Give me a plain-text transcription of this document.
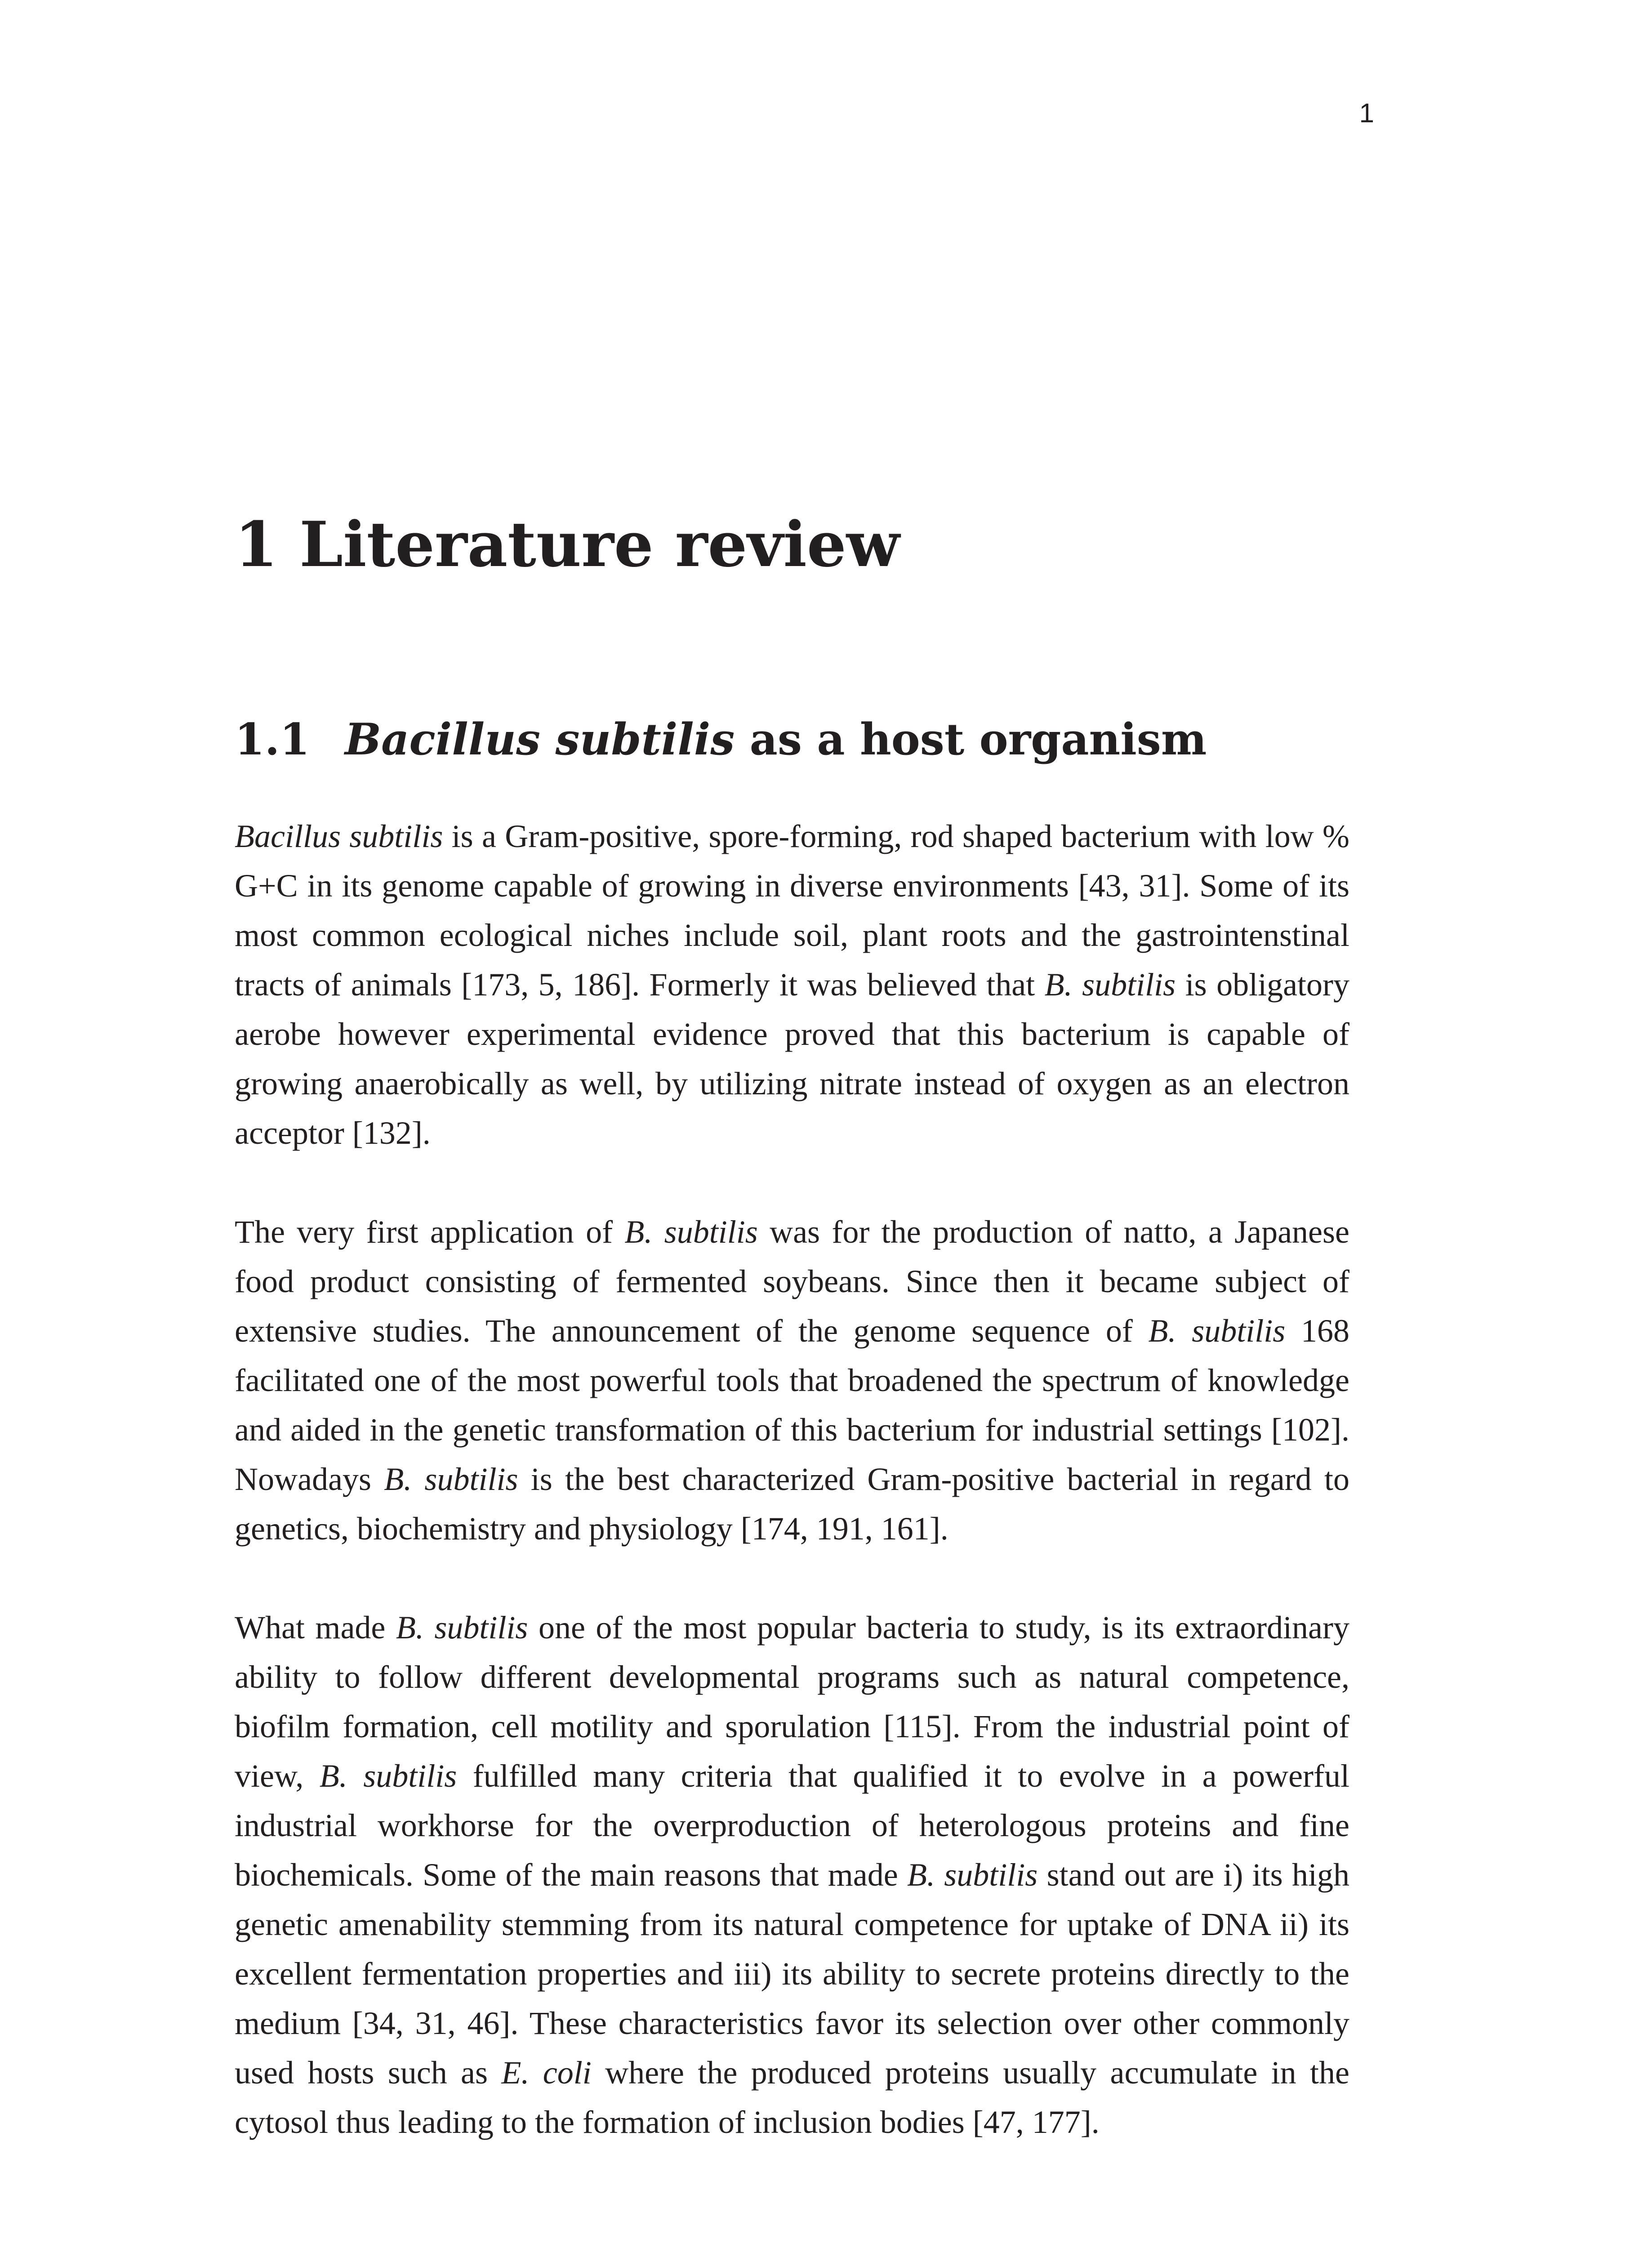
1
1 Literature review
1.1 Bacillus subtilis as a host organism

Bacillus subtilis is a Gram-positive, spore-forming, rod shaped bacterium with low % G+C in its genome capable of growing in diverse environments [43, 31]. Some of its most common ecological niches include soil, plant roots and the gastrointenstinal tracts of animals [173, 5, 186]. Formerly it was believed that B. subtilis is obligatory aerobe however experimental evidence proved that this bacterium is capable of growing anaerobically as well, by utilizing nitrate instead of oxygen as an electron acceptor [132].

The very first application of B. subtilis was for the production of natto, a Japanese food product consisting of fermented soybeans. Since then it became subject of extensive studies. The announcement of the genome sequence of B. subtilis 168 facilitated one of the most powerful tools that broadened the spectrum of knowledge and aided in the genetic transformation of this bacterium for industrial settings [102]. Nowadays B. subtilis is the best characterized Gram-positive bacterial in regard to genetics, biochemistry and physiology [174, 191, 161].

What made B. subtilis one of the most popular bacteria to study, is its extraordinary ability to follow different developmental programs such as natural competence, biofilm formation, cell motility and sporulation [115]. From the industrial point of view, B. subtilis fulfilled many criteria that qualified it to evolve in a powerful industrial workhorse for the overproduction of heterologous proteins and fine biochemicals. Some of the main reasons that made B. subtilis stand out are i) its high genetic amenability stemming from its natural competence for uptake of DNA ii) its excellent fermentation properties and iii) its ability to secrete proteins directly to the medium [34, 31, 46]. These characteristics favor its selection over other commonly used hosts such as E. coli where the produced proteins usually accumulate in the cytosol thus leading to the formation of inclusion bodies [47, 177].
